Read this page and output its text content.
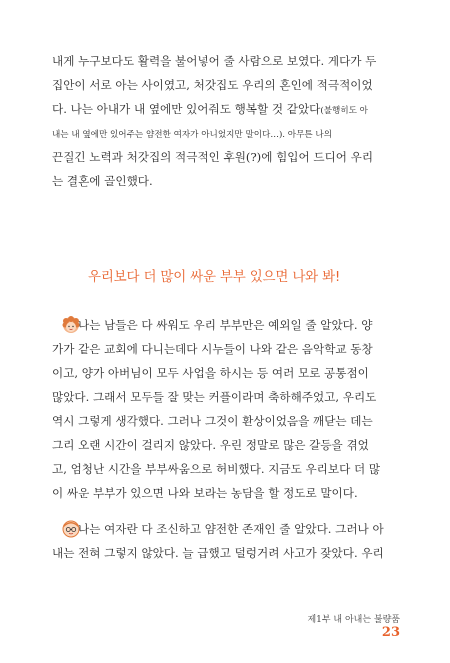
내게 누구보다도 활력을 불어넣어 줄 사람으로 보였다. 게다가 두
집안이 서로 아는 사이였고, 처갓집도 우리의 혼인에 적극적이었
다. 나는 아내가 내 옆에만 있어줘도 행복할 것 같았다(불행히도 아
내는 내 옆에만 있어주는 얌전한 여자가 아니었지만 말이다…). 아무튼 나의
끈질긴 노력과 처갓집의 적극적인 후원(?)에 힘입어 드디어 우리
는 결혼에 골인했다.
우리보다 더 많이 싸운 부부 있으면 나와 봐!
나는 남들은 다 싸워도 우리 부부만은 예외일 줄 알았다. 양
가가 같은 교회에 다니는데다 시누들이 나와 같은 음악학교 동창
이고, 양가 아버님이 모두 사업을 하시는 등 여러 모로 공통점이
많았다. 그래서 모두들 잘 맞는 커플이라며 축하해주었고, 우리도
역시 그렇게 생각했다. 그러나 그것이 환상이었음을 깨닫는 데는
그리 오랜 시간이 걸리지 않았다. 우린 정말로 많은 갈등을 겪었
고, 엄청난 시간을 부부싸움으로 허비했다. 지금도 우리보다 더 많
이 싸운 부부가 있으면 나와 보라는 농담을 할 정도로 말이다.
나는 여자란 다 조신하고 얌전한 존재인 줄 알았다. 그러나 아
내는 전혀 그렇지 않았다. 늘 급했고 덜렁거려 사고가 잦았다. 우리
제1부 내 아내는 불량품23
